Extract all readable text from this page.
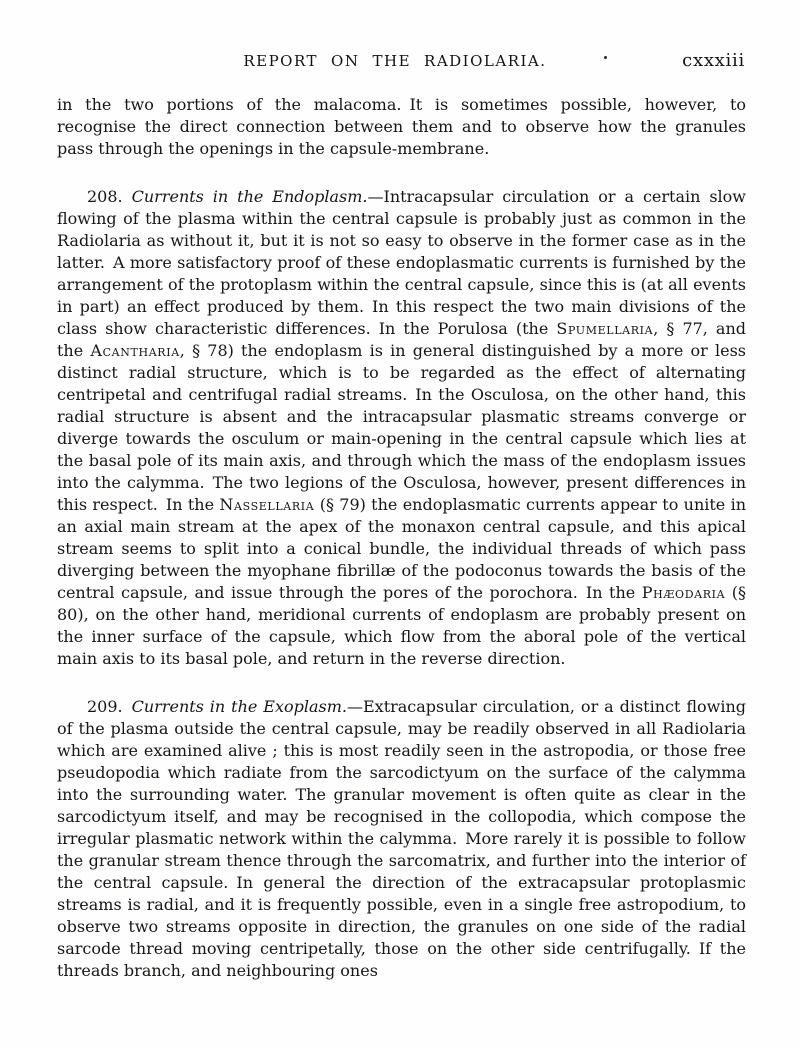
REPORT ON THE RADIOLARIA.	cxxxiii

in the two portions of the malacoma. It is sometimes possible, however, to recognise the direct connection between them and to observe how the granules pass through the openings in the capsule-membrane.

208. Currents in the Endoplasm.—Intracapsular circulation or a certain slow flowing of the plasma within the central capsule is probably just as common in the Radiolaria as without it, but it is not so easy to observe in the former case as in the latter. A more satisfactory proof of these endoplasmatic currents is furnished by the arrangement of the protoplasm within the central capsule, since this is (at all events in part) an effect produced by them. In this respect the two main divisions of the class show characteristic differences. In the Porulosa (the Spumellaria, § 77, and the Acantharia, § 78) the endoplasm is in general distinguished by a more or less distinct radial structure, which is to be regarded as the effect of alternating centripetal and centrifugal radial streams. In the Osculosa, on the other hand, this radial structure is absent and the intracapsular plasmatic streams converge or diverge towards the osculum or main-opening in the central capsule which lies at the basal pole of its main axis, and through which the mass of the endoplasm issues into the calymma. The two legions of the Osculosa, however, present differences in this respect. In the Nassellaria (§ 79) the endoplasmatic currents appear to unite in an axial main stream at the apex of the monaxon central capsule, and this apical stream seems to split into a conical bundle, the individual threads of which pass diverging between the myophane fibrillæ of the podoconus towards the basis of the central capsule, and issue through the pores of the porochora. In the Phæodaria (§ 80), on the other hand, meridional currents of endoplasm are probably present on the inner surface of the capsule, which flow from the aboral pole of the vertical main axis to its basal pole, and return in the reverse direction.

209. Currents in the Exoplasm.—Extracapsular circulation, or a distinct flowing of the plasma outside the central capsule, may be readily observed in all Radiolaria which are examined alive ; this is most readily seen in the astropodia, or those free pseudopodia which radiate from the sarcodictyum on the surface of the calymma into the surrounding water. The granular movement is often quite as clear in the sarcodictyum itself, and may be recognised in the collopodia, which compose the irregular plasmatic network within the calymma. More rarely it is possible to follow the granular stream thence through the sarcomatrix, and further into the interior of the central capsule. In general the direction of the extracapsular protoplasmic streams is radial, and it is frequently possible, even in a single free astropodium, to observe two streams opposite in direction, the granules on one side of the radial sarcode thread moving centripetally, those on the other side centrifugally. If the threads branch, and neighbouring ones
